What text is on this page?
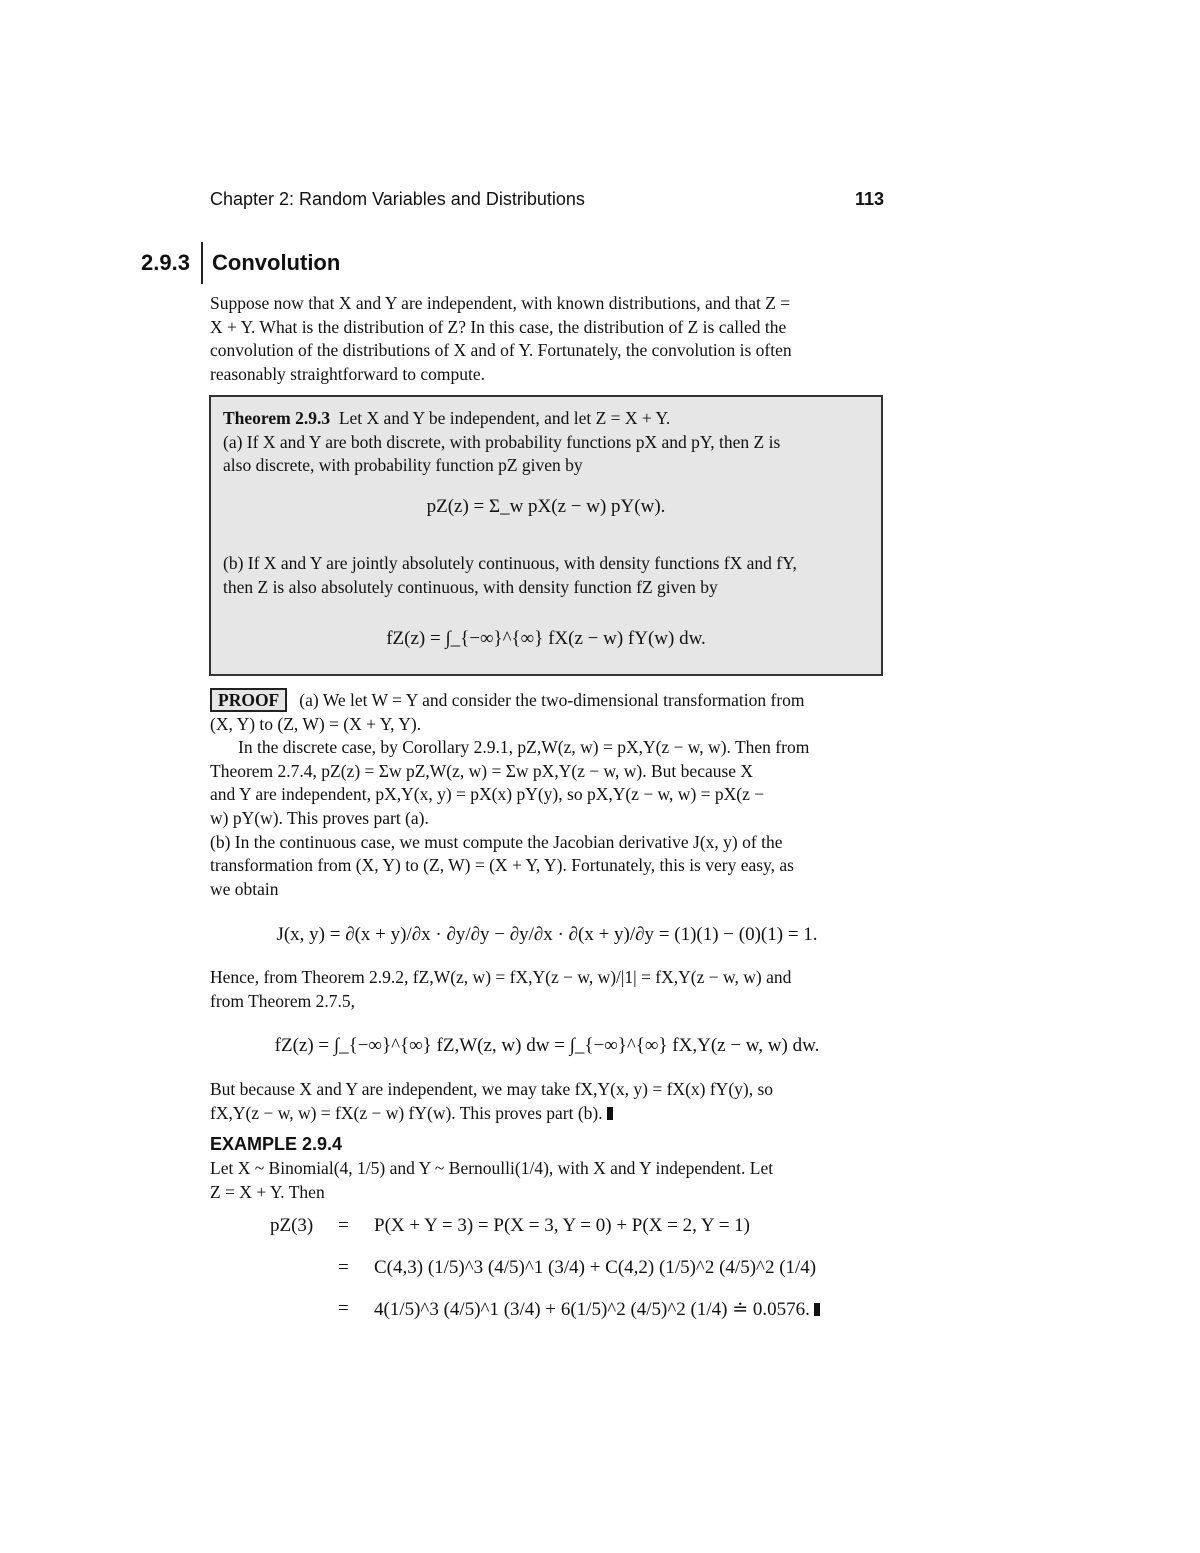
Chapter 2: Random Variables and Distributions	113
2.9.3 Convolution

Suppose now that X and Y are independent, with known distributions, and that Z =

X + Y. What is the distribution of Z? In this case, the distribution of Z is called the

convolution of the distributions of X and of Y. Fortunately, the convolution is often

reasonably straightforward to compute.

Theorem 2.9.3 Let X and Y be independent, and let Z = X + Y.

(a) If X and Y are both discrete, with probability functions pX and pY, then Z is

also discrete, with probability function pZ given by

pZ(z) = Σ_w pX(z − w) pY(w).

(b) If X and Y are jointly absolutely continuous, with density functions fX and fY,

then Z is also absolutely continuous, with density function fZ given by

fZ(z) = ∫_{−∞}^{∞} fX(z − w) fY(w) dw.

PROOF (a) We let W = Y and consider the two-dimensional transformation from

(X, Y) to (Z, W) = (X + Y, Y).

In the discrete case, by Corollary 2.9.1, pZ,W(z, w) = pX,Y(z − w, w). Then from

Theorem 2.7.4, pZ(z) = Σw pZ,W(z, w) = Σw pX,Y(z − w, w). But because X

and Y are independent, pX,Y(x, y) = pX(x) pY(y), so pX,Y(z − w, w) = pX(z −

w) pY(w). This proves part (a).

(b) In the continuous case, we must compute the Jacobian derivative J(x, y) of the

transformation from (X, Y) to (Z, W) = (X + Y, Y). Fortunately, this is very easy, as

we obtain

J(x, y) = ∂(x + y)/∂x · ∂y/∂y − ∂y/∂x · ∂(x + y)/∂y = (1)(1) − (0)(1) = 1.

Hence, from Theorem 2.9.2, fZ,W(z, w) = fX,Y(z − w, w)/|1| = fX,Y(z − w, w) and

from Theorem 2.7.5,

fZ(z) = ∫_{−∞}^{∞} fZ,W(z, w) dw = ∫_{−∞}^{∞} fX,Y(z − w, w) dw.

But because X and Y are independent, we may take fX,Y(x, y) = fX(x) fY(y), so

fX,Y(z − w, w) = fX(z − w) fY(w). This proves part (b).

EXAMPLE 2.9.4

Let X ~ Binomial(4, 1/5) and Y ~ Bernoulli(1/4), with X and Y independent. Let

Z = X + Y. Then

pZ(3) = P(X + Y = 3) = P(X = 3, Y = 0) + P(X = 2, Y = 1)
= C(4,3) (1/5)^3 (4/5)^1 (3/4) + C(4,2) (1/5)^2 (4/5)^2 (1/4)
= 4(1/5)^3 (4/5)^1 (3/4) + 6(1/5)^2 (4/5)^2 (1/4) ≐ 0.0576.
